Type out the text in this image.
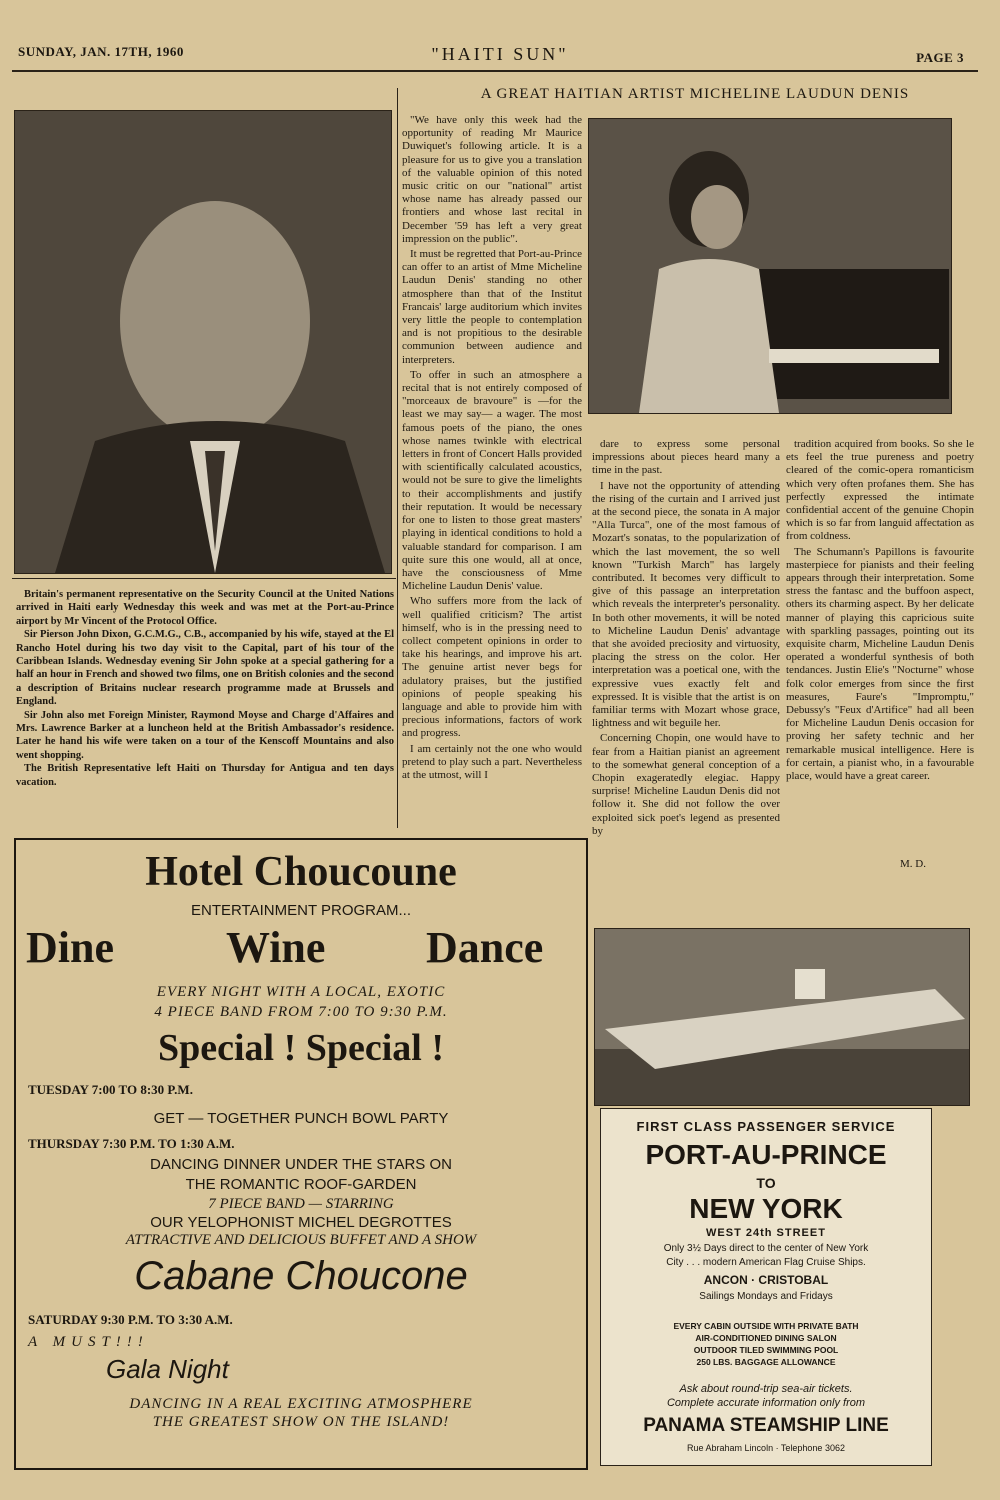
SUNDAY, JAN. 17TH, 1960	"HAITI SUN"	PAGE 3

Britain's permanent representative on the Security Council at the United Nations arrived in Haiti early Wednesday this week and was met at the Port-au-Prince airport by Mr Vincent of the Protocol Office.

Sir Pierson John Dixon, G.C.M.G., C.B., accompanied by his wife, stayed at the El Rancho Hotel during his two day visit to the Capital, part of his tour of the Caribbean Islands. Wednesday evening Sir John spoke at a special gathering for a half an hour in French and showed two films, one on British colonies and the second a description of Britains nuclear research programme made at Brussels and England.

Sir John also met Foreign Minister, Raymond Moyse and Charge d'Affaires and Mrs. Lawrence Barker at a luncheon held at the British Ambassador's residence. Later he hand his wife were taken on a tour of the Kenscoff Mountains and also went shopping.

The British Representative left Haiti on Thursday for Antigua and ten days vacation.

A GREAT HAITIAN ARTIST MICHELINE LAUDUN DENIS

"We have only this week had the opportunity of reading Mr Maurice Duwiquet's following article. It is a pleasure for us to give you a translation of the valuable opinion of this noted music critic on our "national" artist whose name has already passed our frontiers and whose last recital in December '59 has left a very great impression on the public".

It must be regretted that Port-au-Prince can offer to an artist of Mme Micheline Laudun Denis' standing no other atmosphere than that of the Institut Francais' large auditorium which invites very little the people to contemplation and is not propitious to the desirable communion between audience and interpreters.

To offer in such an atmosphere a recital that is not entirely composed of "morceaux de bravoure" is —for the least we may say— a wager. The most famous poets of the piano, the ones whose names twinkle with electrical letters in front of Concert Halls provided with scientifically calculated acoustics, would not be sure to give the limelights to their accomplishments and justify their reputation. It would be necessary for one to listen to those great masters' playing in identical conditions to hold a valuable standard for comparison. I am quite sure this one would, all at once, have the consciousness of Mme Micheline Laudun Denis' value.

Who suffers more from the lack of well qualified criticism? The artist himself, who is in the pressing need to collect competent opinions in order to take his hearings, and improve his art. The genuine artist never begs for adulatory praises, but the justified opinions of people speaking his language and able to provide him with precious informations, factors of work and progress.

I am certainly not the one who would pretend to play such a part. Nevertheless at the utmost, will I

dare to express some personal impressions about pieces heard many a time in the past.

I have not the opportunity of attending the rising of the curtain and I arrived just at the second piece, the sonata in A major "Alla Turca", one of the most famous of Mozart's sonatas, to the popularization of which the last movement, the so well known "Turkish March" has largely contributed. It becomes very difficult to give of this passage an interpretation which reveals the interpreter's personality. In both other movements, it will be noted to Micheline Laudun Denis' advantage that she avoided preciosity and virtuosity, placing the stress on the color. Her interpretation was a poetical one, with the expressive vues exactly felt and expressed. It is visible that the artist is on familiar terms with Mozart whose grace, lightness and wit beguile her.

Concerning Chopin, one would have to fear from a Haitian pianist an agreement to the somewhat general conception of a Chopin exageratedly elegiac. Happy surprise! Micheline Laudun Denis did not follow it. She did not follow the over exploited sick poet's legend as presented by

tradition acquired from books. So she le ets feel the true pureness and poetry cleared of the comic-opera romanticism which very often profanes them. She has perfectly expressed the intimate confidential accent of the genuine Chopin which is so far from languid affectation as from coldness.

The Schumann's Papillons is favourite masterpiece for pianists and their feeling appears through their interpretation. Some stress the fantasc and the buffoon aspect, others its charming aspect. By her delicate manner of playing this capricious suite with sparkling passages, pointing out its exquisite charm, Micheline Laudun Denis operated a wonderful synthesis of both tendances. Justin Elie's "Nocturne" whose folk color emerges from since the first measures, Faure's "Impromptu," Debussy's "Feux d'Artifice" had all been for Micheline Laudun Denis occasion for proving her safety technic and her remarkable musical intelligence. Here is for certain, a pianist who, in a favourable place, would have a great career.

M. D.
Hotel Choucoune
ENTERTAINMENT PROGRAM...
Dine	Wine Dance
EVERY NIGHT WITH A LOCAL, EXOTIC
4 PIECE BAND FROM 7:00 TO 9:30 P.M.
Special ! Special !
TUESDAY 7:00 TO 8:30 P.M.
GET — TOGETHER PUNCH BOWL PARTY
THURSDAY 7:30 P.M. TO 1:30 A.M.
DANCING DINNER UNDER THE STARS ON
THE ROMANTIC ROOF-GARDEN
7 PIECE BAND — STARRING
OUR YELOPHONIST MICHEL DEGROTTES
ATTRACTIVE AND DELICIOUS BUFFET AND A SHOW
Cabane Choucone
SATURDAY 9:30 P.M. TO 3:30 A.M.
A MUST!!!
Gala Night
DANCING IN A REAL EXCITING ATMOSPHERE
THE GREATEST SHOW ON THE ISLAND!
FIRST CLASS PASSENGER SERVICE
PORT-AU-PRINCE
TO
NEW YORK
WEST 24th STREET
Only 3½ Days direct to the center of New York
City . . . modern American Flag Cruise Ships.
ANCON · CRISTOBAL
Sailings Mondays and Fridays
EVERY CABIN OUTSIDE WITH PRIVATE BATH
AIR-CONDITIONED DINING SALON
OUTDOOR TILED SWIMMING POOL
250 LBS. BAGGAGE ALLOWANCE
Ask about round-trip sea-air tickets.
Complete accurate information only from
PANAMA STEAMSHIP LINE
Rue Abraham Lincoln · Telephone 3062
